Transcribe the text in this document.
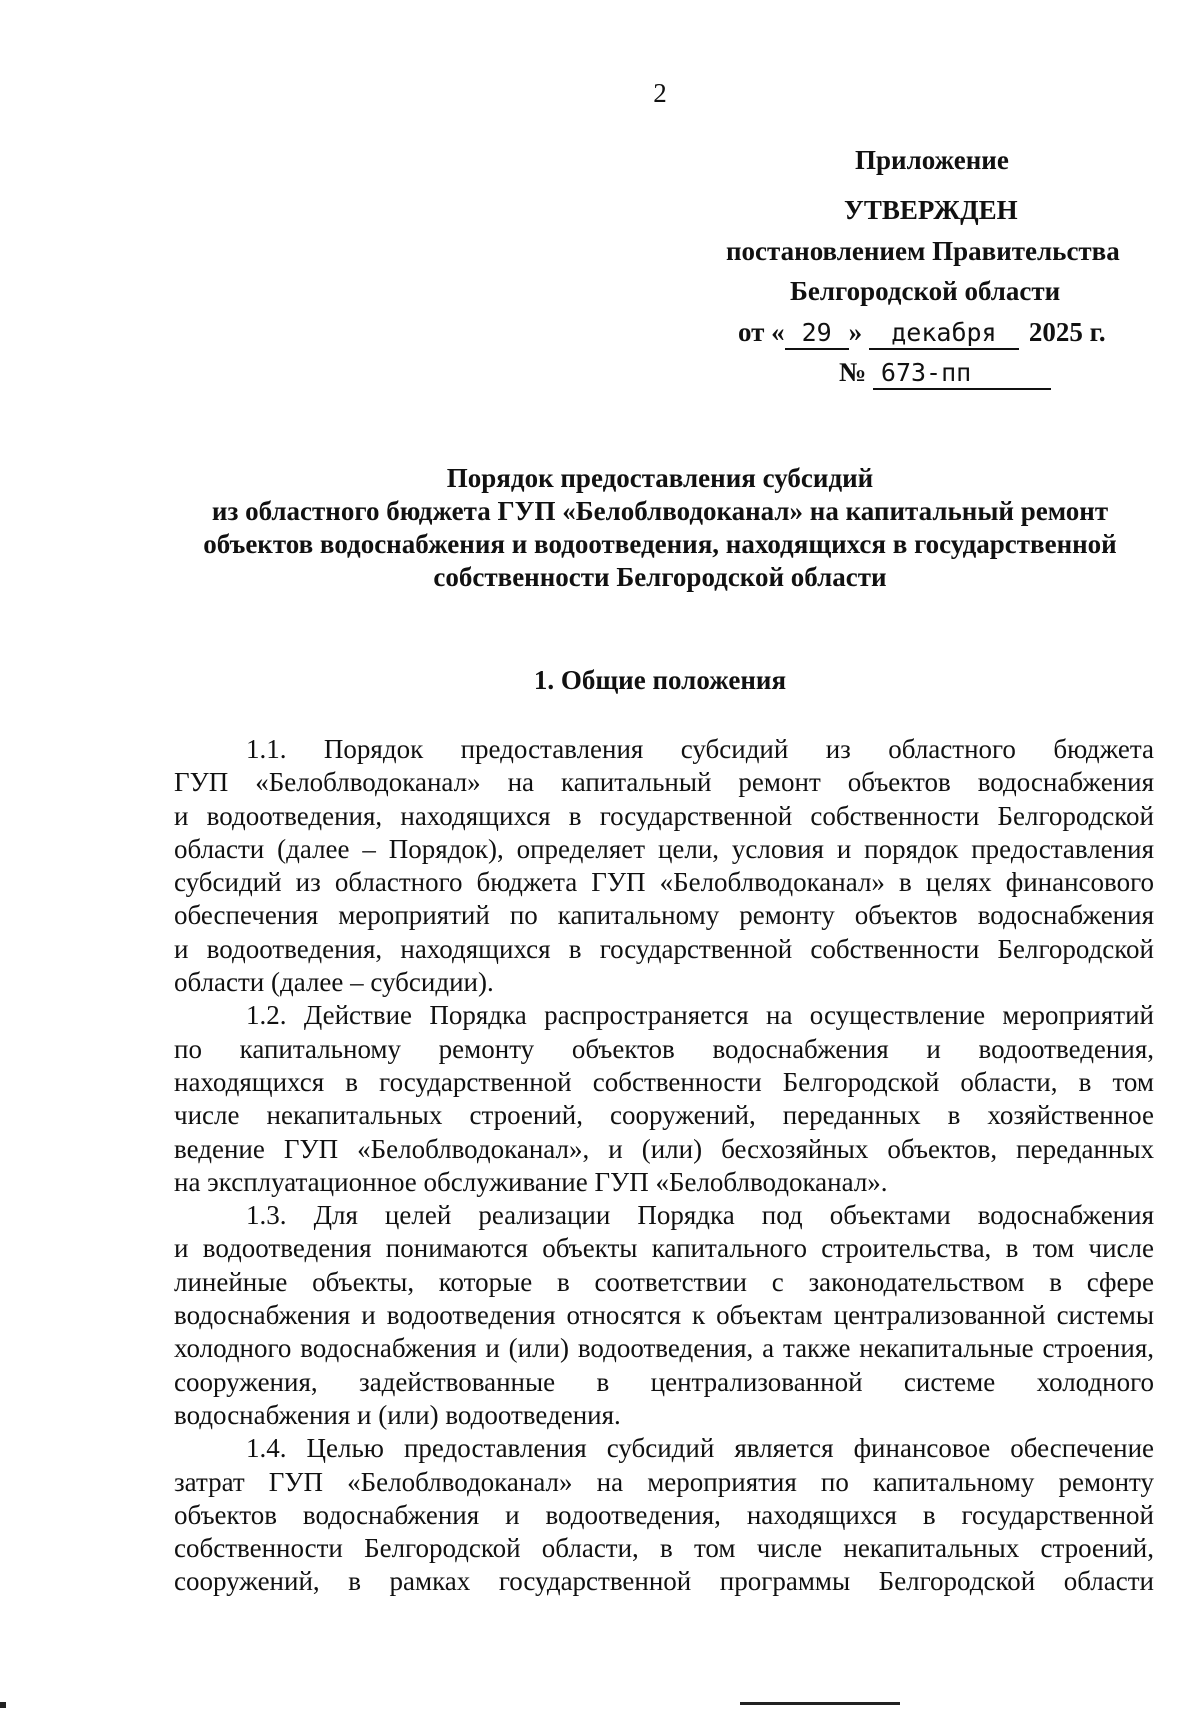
2
Приложение
УТВЕРЖДЕН
постановлением Правительства
Белгородской области
от « 29 » декабря 2025 г.
№ 673-пп
Порядок предоставления субсидий
из областного бюджета ГУП «Белоблводоканал» на капитальный ремонт
объектов водоснабжения и водоотведения, находящихся в государственной
собственности Белгородской области
1. Общие положения
1.1. Порядок предоставления субсидий из областного бюджета
ГУП «Белоблводоканал» на капитальный ремонт объектов водоснабжения
и водоотведения, находящихся в государственной собственности Белгородской
области (далее – Порядок), определяет цели, условия и порядок предоставления
субсидий из областного бюджета ГУП «Белоблводоканал» в целях финансового
обеспечения мероприятий по капитальному ремонту объектов водоснабжения
и водоотведения, находящихся в государственной собственности Белгородской
области (далее – субсидии).
1.2. Действие Порядка распространяется на осуществление мероприятий
по капитальному ремонту объектов водоснабжения и водоотведения,
находящихся в государственной собственности Белгородской области, в том
числе некапитальных строений, сооружений, переданных в хозяйственное
ведение ГУП «Белоблводоканал», и (или) бесхозяйных объектов, переданных
на эксплуатационное обслуживание ГУП «Белоблводоканал».
1.3. Для целей реализации Порядка под объектами водоснабжения
и водоотведения понимаются объекты капитального строительства, в том числе
линейные объекты, которые в соответствии с законодательством в сфере
водоснабжения и водоотведения относятся к объектам централизованной системы
холодного водоснабжения и (или) водоотведения, а также некапитальные строения,
сооружения, задействованные в централизованной системе холодного
водоснабжения и (или) водоотведения.
1.4. Целью предоставления субсидий является финансовое обеспечение
затрат ГУП «Белоблводоканал» на мероприятия по капитальному ремонту
объектов водоснабжения и водоотведения, находящихся в государственной
собственности Белгородской области, в том числе некапитальных строений,
сооружений, в рамках государственной программы Белгородской области
